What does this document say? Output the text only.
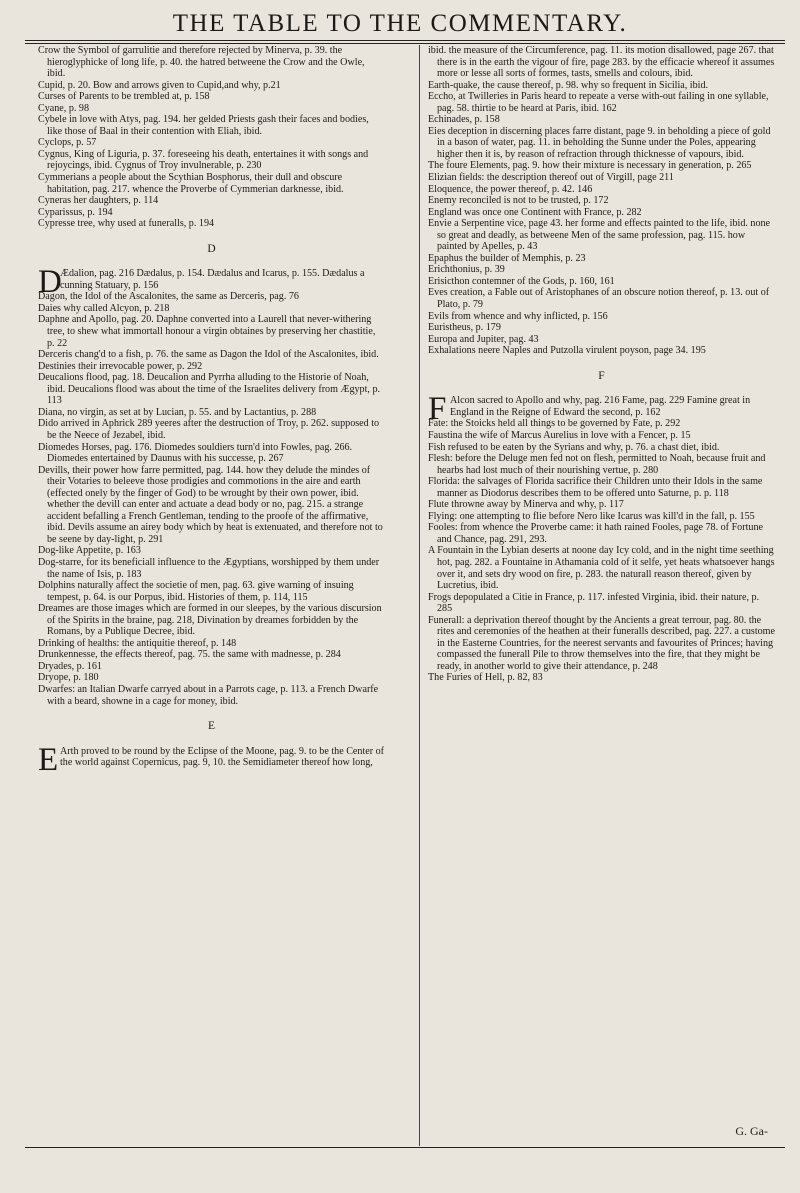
THE TABLE TO THE COMMENTARY.

Crow the Symbol of garrulitie and therefore rejected by Minerva, p. 39. the hieroglyphicke of long life, p. 40. the hatred betweene the Crow and the Owle, ibid.

Cupid, p. 20. Bow and arrows given to Cupid,and why, p.21

Curses of Parents to be trembled at, p. 158

Cyane, p. 98

Cybele in love with Atys, pag. 194. her gelded Priests gash their faces and bodies, like those of Baal in their contention with Eliah, ibid.

Cyclops, p. 57

Cygnus, King of Liguria, p. 37. foreseeing his death, entertaines it with songs and rejoycings, ibid. Cygnus of Troy invulnerable, p. 230

Cymmerians a people about the Scythian Bosphorus, their dull and obscure habitation, pag. 217. whence the Proverbe of Cymmerian darknesse, ibid.

Cyneras her daughters, p. 114

Cyparissus, p. 194

Cypresse tree, why used at funeralls, p. 194

D

D
Ædalion, pag. 216 Dædalus, p. 154. Dædalus and Icarus, p. 155. Dædalus a cunning Statuary, p. 156

Dagon, the Idol of the Ascalonites, the same as Derceris, pag. 76

Daies why called Alcyon, p. 218

Daphne and Apollo, pag. 20. Daphne converted into a Laurell that never-withering tree, to shew what immortall honour a virgin obtaines by preserving her chastitie, p. 22

Derceris chang'd to a fish, p. 76. the same as Dagon the Idol of the Ascalonites, ibid.

Destinies their irrevocable power, p. 292

Deucalions flood, pag. 18. Deucalion and Pyrrha alluding to the Historie of Noah, ibid. Deucalions flood was about the time of the Israelites delivery from Ægypt, p. 113

Diana, no virgin, as set at by Lucian, p. 55. and by Lactantius, p. 288

Dido arrived in Aphrick 289 yeeres after the destruction of Troy, p. 262. supposed to be the Neece of Jezabel, ibid.

Diomedes Horses, pag. 176. Diomedes souldiers turn'd into Fowles, pag. 266. Diomedes entertained by Daunus with his successe, p. 267

Devills, their power how farre permitted, pag. 144. how they delude the mindes of their Votaries to beleeve those prodigies and commotions in the aire and earth (effected onely by the finger of God) to be wrought by their own power, ibid. whether the devill can enter and actuate a dead body or no, pag. 215. a strange accident befalling a French Gentleman, tending to the proofe of the affirmative, ibid. Devils assume an airey body which by heat is extenuated, and therefore not to be seene by day-light, p. 291

Dog-like Appetite, p. 163

Dog-starre, for its beneficiall influence to the Ægyptians, worshipped by them under the name of Isis, p. 183

Dolphins naturally affect the societie of men, pag. 63. give warning of insuing tempest, p. 64. is our Porpus, ibid. Histories of them, p. 114, 115

Dreames are those images which are formed in our sleepes, by the various discursion of the Spirits in the braine, pag. 218, Divination by dreames forbidden by the Romans, by a Publique Decree, ibid.

Drinking of healths: the antiquitie thereof, p. 148

Drunkennesse, the effects thereof, pag. 75. the same with madnesse, p. 284

Dryades, p. 161

Dryope, p. 180

Dwarfes: an Italian Dwarfe carryed about in a Parrots cage, p. 113. a French Dwarfe with a beard, showne in a cage for money, ibid.

E

E Arth proved to be round by the Eclipse of the Moone, pag. 9. to be the Center of the world against Copernicus, pag. 9, 10. the Semidiameter thereof how long,

ibid. the measure of the Circumference, pag. 11. its motion disallowed, page 267. that there is in the earth the vigour of fire, page 283. by the efficacie whereof it assumes more or lesse all sorts of formes, tasts, smells and colours, ibid.

Earth-quake, the cause thereof, p. 98. why so frequent in Sicilia, ibid.

Eccho, at Twilleries in Paris heard to repeate a verse with-out failing in one syllable, pag. 58. thirtie to be heard at Paris, ibid. 162

Echinades, p. 158

Eies deception in discerning places farre distant, page 9. in beholding a piece of gold in a bason of water, pag. 11. in beholding the Sunne under the Poles, appearing higher then it is, by reason of refraction through thicknesse of vapours, ibid.

The foure Elements, pag. 9. how their mixture is necessary in generation, p. 265

Elizian fields: the description thereof out of Virgill, page 211

Eloquence, the power thereof, p. 42. 146

Enemy reconciled is not to be trusted, p. 172

England was once one Continent with France, p. 282

Envie a Serpentine vice, page 43. her forme and effects painted to the life, ibid. none so great and deadly, as betweene Men of the same profession, pag. 115. how painted by Apelles, p. 43

Epaphus the builder of Memphis, p. 23

Erichthonius, p. 39

Erisicthon contemner of the Gods, p. 160, 161

Eves creation, a Fable out of Aristophanes of an obscure notion thereof, p. 13. out of Plato, p. 79

Evils from whence and why inflicted, p. 156

Euristheus, p. 179

Europa and Jupiter, pag. 43

Exhalations neere Naples and Putzolla virulent poyson, page 34. 195

F

F Alcon sacred to Apollo and why, pag. 216 Fame, pag. 229 Famine great in England in the Reigne of Edward the second, p. 162

Fate: the Stoicks held all things to be governed by Fate, p. 292

Faustina the wife of Marcus Aurelius in love with a Fencer, p. 15

Fish refused to be eaten by the Syrians and why, p. 76. a chast diet, ibid.

Flesh: before the Deluge men fed not on flesh, permitted to Noah, because fruit and hearbs had lost much of their nourishing vertue, p. 280

Florida: the salvages of Florida sacrifice their Children unto their Idols in the same manner as Diodorus describes them to be offered unto Saturne, p. p. 118

Flute throwne away by Minerva and why, p. 117

Flying: one attempting to flie before Nero like Icarus was kill'd in the fall, p. 155

Fooles: from whence the Proverbe came: it hath rained Fooles, page 78. of Fortune and Chance, pag. 291, 293.

A Fountain in the Lybian deserts at noone day Icy cold, and in the night time seething hot, pag. 282. a Fountaine in Athamania cold of it selfe, yet heats whatsoever hangs over it, and sets dry wood on fire, p. 283. the naturall reason thereof, given by Lucretius, ibid.

Frogs depopulated a Citie in France, p. 117. infested Virginia, ibid. their nature, p. 285

Funerall: a deprivation thereof thought by the Ancients a great terrour, pag. 80. the rites and ceremonies of the heathen at their funeralls described, pag. 227. a custome in the Easterne Countries, for the neerest servants and favourites of Princes; having compassed the funerall Pile to throw themselves into the fire, that they might be ready, in another world to give their attendance, p. 248

The Furies of Hell, p. 82, 83

G. Ga-
